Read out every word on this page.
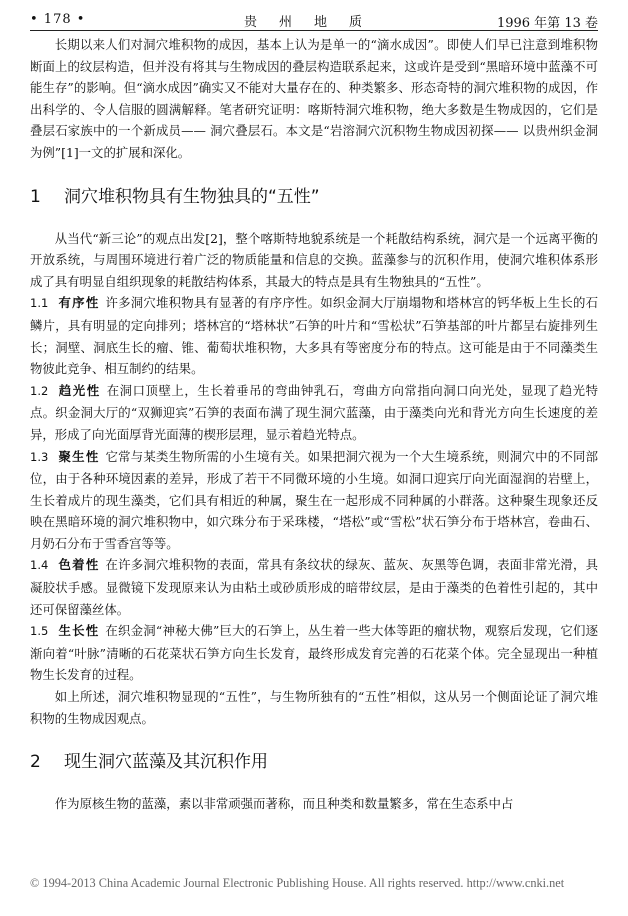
• 178 •	贵州地质	1996 年第 13 卷

长期以来人们对洞穴堆积物的成因，基本上认为是单一的“滴水成因”。即使人们早已注意到堆积物断面上的纹层构造，但并没有将其与生物成因的叠层构造联系起来，这或许是受到“黑暗环境中蓝藻不可能生存”的影响。但“滴水成因”确实又不能对大量存在的、种类繁多、形态奇特的洞穴堆积物的成因，作出科学的、令人信服的圆满解释。笔者研究证明：喀斯特洞穴堆积物，绝大多数是生物成因的，它们是叠层石家族中的一个新成员—— 洞穴叠层石。本文是“岩溶洞穴沉积物生物成因初探—— 以贵州织金洞为例”[1]一文的扩展和深化。

1	洞穴堆积物具有生物独具的“五性”

从当代“新三论”的观点出发[2]，整个喀斯特地貌系统是一个耗散结构系统，洞穴是一个远离平衡的开放系统，与周围环境进行着广泛的物质能量和信息的交换。蓝藻参与的沉积作用，使洞穴堆积体系形成了具有明显自组织现象的耗散结构体系，其最大的特点是具有生物独具的“五性”。

1.1 有序性 许多洞穴堆积物具有显著的有序序性。如织金洞大厅崩塌物和塔林宫的钙华板上生长的石鳞片，具有明显的定向排列；塔林宫的“塔林状”石笋的叶片和“雪松状”石笋基部的叶片都呈右旋排列生长；洞壁、洞底生长的瘤、锥、葡萄状堆积物，大多具有等密度分布的特点。这可能是由于不同藻类生物彼此竞争、相互制约的结果。

1.2 趋光性 在洞口顶壁上，生长着垂吊的弯曲钟乳石，弯曲方向常指向洞口向光处，显现了趋光特点。织金洞大厅的“双狮迎宾”石笋的表面布满了现生洞穴蓝藻，由于藻类向光和背光方向生长速度的差异，形成了向光面厚背光面薄的楔形层理，显示着趋光特点。

1.3 聚生性 它常与某类生物所需的小生境有关。如果把洞穴视为一个大生境系统，则洞穴中的不同部位，由于各种环境因素的差异，形成了若干不同微环境的小生境。如洞口迎宾厅向光面湿润的岩壁上，生长着成片的现生藻类，它们具有相近的种属，聚生在一起形成不同种属的小群落。这种聚生现象还反映在黑暗环境的洞穴堆积物中，如穴珠分布于采珠楼，“塔松”或“雪松”状石笋分布于塔林宫，卷曲石、月奶石分布于雪香宫等等。

1.4 色着性 在许多洞穴堆积物的表面，常具有条纹状的绿灰、蓝灰、灰黑等色调，表面非常光滑，具凝胶状手感。显微镜下发现原来认为由粘土或砂质形成的暗带纹层，是由于藻类的色着性引起的，其中还可保留藻丝体。

1.5 生长性 在织金洞“神秘大佛”巨大的石笋上，丛生着一些大体等距的瘤状物，观察后发现，它们逐渐向着“叶脉”清晰的石花菜状石笋方向生长发育，最终形成发育完善的石花菜个体。完全显现出一种植物生长发育的过程。

如上所述，洞穴堆积物显现的“五性”，与生物所独有的“五性”相似，这从另一个侧面论证了洞穴堆积物的生物成因观点。

2	现生洞穴蓝藻及其沉积作用

作为原核生物的蓝藻，素以非常顽强而著称，而且种类和数量繁多，常在生态系中占

© 1994-2013 China Academic Journal Electronic Publishing House. All rights reserved. http://www.cnki.net
